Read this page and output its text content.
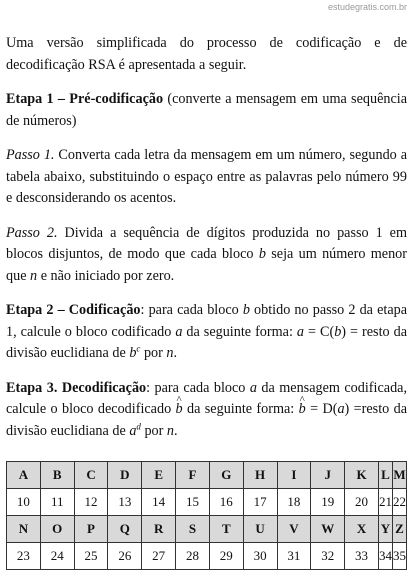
estudegratis.com.br

Uma versão simplificada do processo de codificação e de decodificação RSA é apresentada a seguir.

Etapa 1 – Pré-codificação (converte a mensagem em uma sequência de números)

Passo 1. Converta cada letra da mensagem em um número, segundo a tabela abaixo, substituindo o espaço entre as palavras pelo número 99 e desconsiderando os acentos.

Passo 2. Divida a sequência de dígitos produzida no passo 1 em blocos disjuntos, de modo que cada bloco b seja um número menor que n e não iniciado por zero.

Etapa 2 – Codificação: para cada bloco b obtido no passo 2 da etapa 1, calcule o bloco codificado a da seguinte forma: a = C(b) = resto da divisão euclidiana de $b^c$ por n.

Etapa 3. Decodificação: para cada bloco a da mensagem codificada, calcule o bloco decodificado ^ b da seguinte forma: ^ b = D(a) =resto da divisão euclidiana de $a^d$ por n.

A	B	C	D	E	F	G	H	I	J	K	L	M
10	11	12	13	14	15	16	17	18	19	20	21	22
N	O	P	Q	R	S	T	U	V	W	X	Y	Z
23	24	25	26	27	28	29	30	31	32	33	34	35
